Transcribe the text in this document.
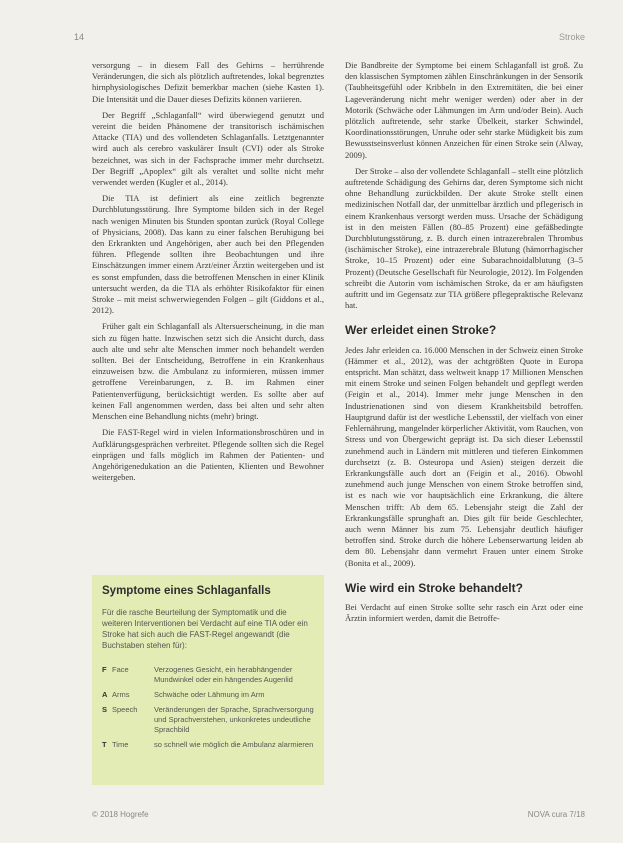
14	Stroke

versorgung – in diesem Fall des Gehirns – herrührende Veränderungen, die sich als plötzlich auftretendes, lokal begrenztes hirnphysiologisches Defizit bemerkbar machen (siehe Kasten 1). Die Intensität und die Dauer dieses Defizits können variieren.

Der Begriff „Schlaganfall“ wird überwiegend genutzt und vereint die beiden Phänomene der transitorisch ischämischen Attacke (TIA) und des vollendeten Schlaganfalls. Letztgenannter wird auch als cerebro vaskulärer Insult (CVI) oder als Stroke bezeichnet, was sich in der Fachsprache immer mehr durchsetzt. Der Begriff „Apoplex“ gilt als veraltet und sollte nicht mehr verwendet werden (Kugler et al., 2014).

Die TIA ist definiert als eine zeitlich begrenzte Durchblutungsstörung. Ihre Symptome bilden sich in der Regel nach wenigen Minuten bis Stunden spontan zurück (Royal College of Physicians, 2008). Das kann zu einer falschen Beruhigung bei den Erkrankten und Angehörigen, aber auch bei den Pflegenden führen. Pflegende sollten ihre Beobachtungen und ihre Einschätzungen immer einem Arzt/einer Ärztin weitergeben und ist es sonst empfunden, dass die betroffenen Menschen in einer Klinik untersucht werden, da die TIA als erhöhter Risikofaktor für einen Stroke – mit meist schwerwiegenden Folgen – gilt (Giddons et al., 2012).

Früher galt ein Schlaganfall als Altersuerscheinung, in die man sich zu fügen hatte. Inzwischen setzt sich die Ansicht durch, dass auch alte und sehr alte Menschen immer noch behandelt werden sollten. Bei der Entscheidung, Betroffene in ein Krankenhaus einzuweisen bzw. die Ambulanz zu informieren, müssen immer getroffene Vereinbarungen, z. B. im Rahmen einer Patientenverfügung, berücksichtigt werden. Es sollte aber auf keinen Fall angenommen werden, dass bei alten und sehr alten Menschen eine Behandlung nichts (mehr) bringt.

Die FAST-Regel wird in vielen Informationsbroschüren und in Aufklärungsgesprächen verbreitet. Pflegende sollten sich die Regel einprägen und falls möglich im Rahmen der Patienten- und Angehörigenedukation an die Patienten, Klienten und Bewohner weitergeben.

Symptome eines Schlaganfalls

Für die rasche Beurteilung der Symptomatik und die weiteren Interventionen bei Verdacht auf eine TIA oder ein Stroke hat sich auch die FAST-Regel angewandt (die Buchstaben stehen für):

F Face	Verzogenes Gesicht, ein herabhängender Mundwinkel oder ein hängendes Augenlid
A Arms	Schwäche oder Lähmung im Arm
S Speech	Veränderungen der Sprache, Sprachversorgung und Sprachverstehen, unkonkretes undeutliche Sprachbild
T Time	so schnell wie möglich die Ambulanz alarmieren

Die Bandbreite der Symptome bei einem Schlaganfall ist groß. Zu den klassischen Symptomen zählen Einschränkungen in der Sensorik (Taubheitsgefühl oder Kribbeln in den Extremitäten, die bei einer Lageveränderung nicht mehr weniger werden) oder aber in der Motorik (Schwäche oder Lähmungen im Arm und/oder Bein). Auch plötzlich auftretende, sehr starke Übelkeit, starker Schwindel, Koordinationsstörungen, Unruhe oder sehr starke Müdigkeit bis zum Bewusstseinsverlust können Anzeichen für einen Stroke sein (Alway, 2009).

Der Stroke – also der vollendete Schlaganfall – stellt eine plötzlich auftretende Schädigung des Gehirns dar, deren Symptome sich nicht ohne Behandlung zurückbilden. Der akute Stroke stellt einen medizinischen Notfall dar, der unmittelbar ärztlich und pflegerisch in einem Krankenhaus versorgt werden muss. Ursache der Schädigung ist in den meisten Fällen (80–85 Prozent) eine gefäßbedingte Durchblutungsstörung, z. B. durch einen intrazerebralen Thrombus (ischämischer Stroke), eine intrazerebrale Blutung (hämorrhagischer Stroke, 10–15 Prozent) oder eine Subarachnoidalblutung (3–5 Prozent) (Deutsche Gesellschaft für Neurologie, 2012). Im Folgenden schreibt die Autorin vom ischämischen Stroke, da er am häufigsten auftritt und im Gegensatz zur TIA größere pflegepraktische Relevanz hat.

Wer erleidet einen Stroke?

Jedes Jahr erleiden ca. 16.000 Menschen in der Schweiz einen Stroke (Hämmer et al., 2012), was der achtgrößten Quote in Europa entspricht. Man schätzt, dass weltweit knapp 17 Millionen Menschen mit einem Stroke und seinen Folgen behandelt und gepflegt werden (Feigin et al., 2014). Immer mehr junge Menschen in den Industrienationen sind von diesem Krankheitsbild betroffen. Hauptgrund dafür ist der westliche Lebensstil, der vielfach von einer Fehlernährung, mangelnder körperlicher Aktivität, vom Rauchen, von Stress und von Übergewicht geprägt ist. Da sich dieser Lebensstil zunehmend auch in Ländern mit mittleren und tieferen Einkommen durchsetzt (z. B. Osteuropa und Asien) steigen derzeit die Erkrankungsfälle auch dort an (Feigin et al., 2016). Obwohl zunehmend auch junge Menschen von einem Stroke betroffen sind, ist es nach wie vor hauptsächlich eine Erkrankung, die ältere Menschen trifft: Ab dem 65. Lebensjahr steigt die Zahl der Erkrankungsfälle sprunghaft an. Dies gilt für beide Geschlechter, auch wenn Männer bis zum 75. Lebensjahr deutlich häufiger betroffen sind. Stroke durch die höhere Lebenserwartung leiden ab dem 80. Lebensjahr dann vermehrt Frauen unter einem Stroke (Bonita et al., 2009).

Wie wird ein Stroke behandelt?

Bei Verdacht auf einen Stroke sollte sehr rasch ein Arzt oder eine Ärztin informiert werden, damit die Betroffe-

© 2018 Hogrefe	NOVA cura 7/18
